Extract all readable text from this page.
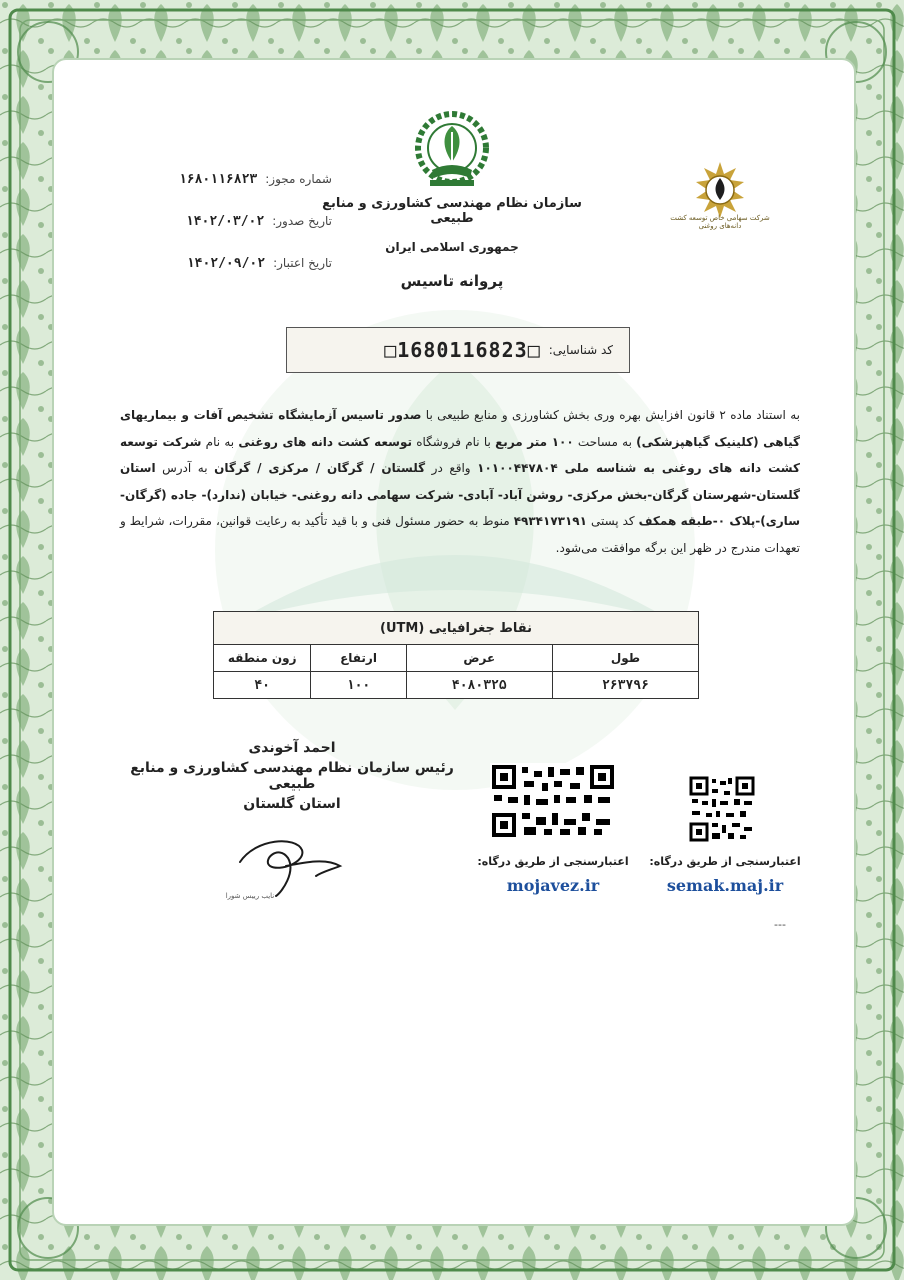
شماره مجوز:
۱۶۸۰۱۱۶۸۲۳
تاریخ صدور:
۱۴۰۲/۰۳/۰۲
تاریخ اعتبار:
۱۴۰۲/۰۹/۰۲
سازمان نظام مهندسی کشاورزی و منابع طبیعی
جمهوری اسلامی ایران
پروانه تاسیس
شرکت سهامی خاص توسعه کشت دانه‌های روغنی
کد شناسایی:
□1680116823□
به استناد ماده ۲ قانون افزایش بهره وری بخش کشاورزی و منابع طبیعی با صدور تاسیس آزمایشگاه تشخیص آفات و بیماریهای گیاهی (کلینیک گیاهپزشکی) به مساحت ۱۰۰ متر مربع با نام فروشگاه توسعه کشت دانه های روغنی به نام شرکت توسعه کشت دانه های روغنی به شناسه ملی ۱۰۱۰۰۴۴۷۸۰۴ واقع در گلستان / گرگان / مرکزی / گرگان به آدرس استان گلستان-شهرستان گرگان-بخش مرکزی- روشن آباد- آبادی- شرکت سهامی دانه روغنی- خیابان (ندارد)- جاده (گرگان-ساری)-پلاک ۰-طبقه همکف کد پستی ۴۹۳۴۱۷۳۱۹۱ منوط به حضور مسئول فنی و با قید تأکید به رعایت قوانین، مقررات، شرایط و تعهدات مندرج در ظهر این برگه موافقت می‌شود.
نقاط جغرافیایی (UTM)			
طول	عرض	ارتفاع	زون منطقه
۲۶۳۷۹۶	۴۰۸۰۳۲۵	۱۰۰	۴۰
احمد آخوندی
رئیس سازمان نظام مهندسی کشاورزی و منابع طبیعی
استان گلستان
نایب رییس شورا
اعتبارسنجی از طریق درگاه:
mojavez.ir
اعتبارسنجی از طریق درگاه:
semak.maj.ir
---
